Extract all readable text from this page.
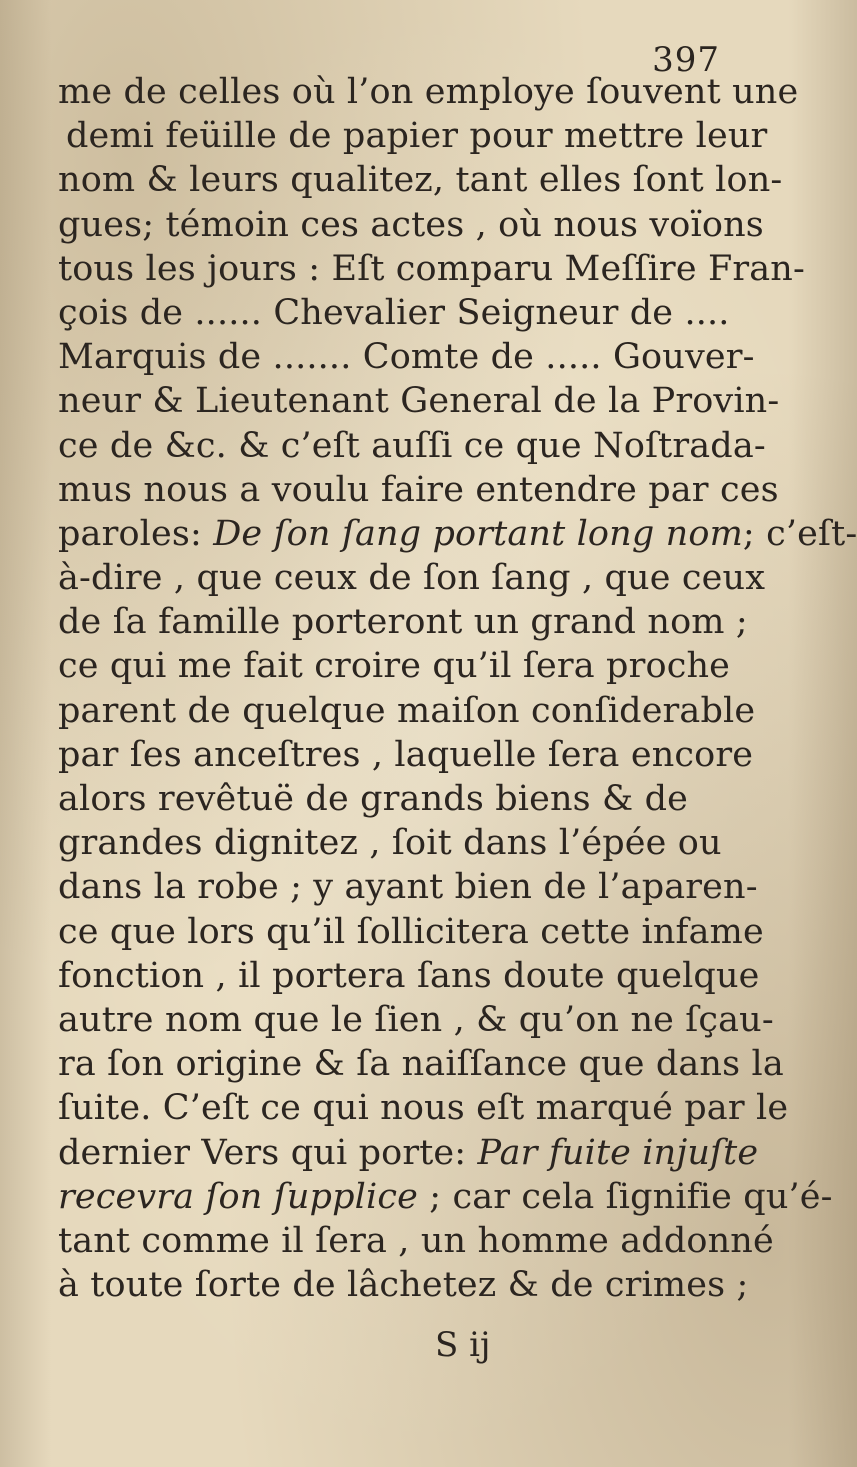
397
me de celles où l’on employe ſouvent une
demi feüille de papier pour mettre leur
nom & leurs qualitez, tant elles ſont lon-
gues; témoin ces actes , où nous voïons
tous les jours : Eſt comparu Meſſire Fran-
çois de ...... Chevalier Seigneur de ....
Marquis de ....... Comte de ..... Gouver-
neur & Lieutenant General de la Provin-
ce de &c. & c’eſt auſſi ce que Noſtrada-
mus nous a voulu faire entendre par ces
paroles: De ſon ſang portant long nom; c’eſt-
à-dire , que ceux de ſon ſang , que ceux
de ſa famille porteront un grand nom ;
ce qui me fait croire qu’il ſera proche
parent de quelque maiſon conſiderable
par ſes anceſtres , laquelle ſera encore
alors revêtuë de grands biens & de
grandes dignitez , ſoit dans l’épée ou
dans la robe ; y ayant bien de l’aparen-
ce que lors qu’il ſollicitera cette infame
fonction , il portera ſans doute quelque
autre nom que le ſien , & qu’on ne ſçau-
ra ſon origine & ſa naiſſance que dans la
ſuite. C’eſt ce qui nous eſt marqué par le
dernier Vers qui porte: Par fuite injuſte
recevra ſon ſupplice ; car cela ſignifie qu’é-
tant comme il ſera , un homme addonné
à toute ſorte de lâchetez & de crimes ;
S ij
